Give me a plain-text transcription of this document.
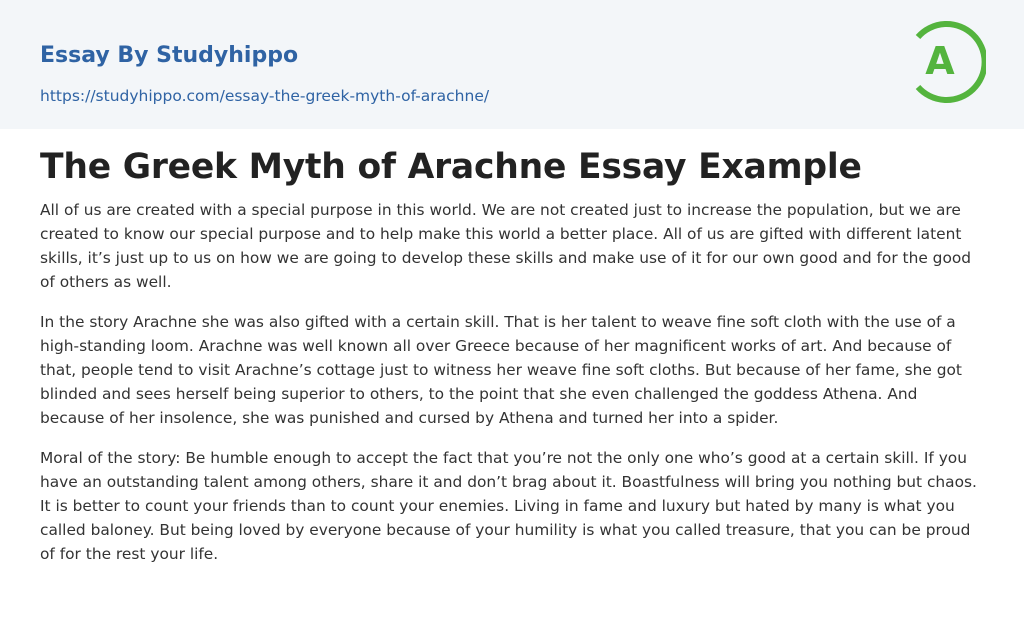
Essay By Studyhippo
https://studyhippo.com/essay-the-greek-myth-of-arachne/
A
The Greek Myth of Arachne Essay Example

All of us are created with a special purpose in this world. We are not created just to increase the population, but we are created to know our special purpose and to help make this world a better place. All of us are gifted with different latent skills, it’s just up to us on how we are going to develop these skills and make use of it for our own good and for the good of others as well.

In the story Arachne she was also gifted with a certain skill. That is her talent to weave fine soft cloth with the use of a high-standing loom. Arachne was well known all over Greece because of her magnificent works of art. And because of that, people tend to visit Arachne’s cottage just to witness her weave fine soft cloths. But because of her fame, she got blinded and sees herself being superior to others, to the point that she even challenged the goddess Athena. And because of her insolence, she was punished and cursed by Athena and turned her into a spider.

Moral of the story: Be humble enough to accept the fact that you’re not the only one who’s good at a certain skill. If you have an outstanding talent among others, share it and don’t brag about it. Boastfulness will bring you nothing but chaos. It is better to count your friends than to count your enemies. Living in fame and luxury but hated by many is what you called baloney. But being loved by everyone because of your humility is what you called treasure, that you can be proud of for the rest your life.
